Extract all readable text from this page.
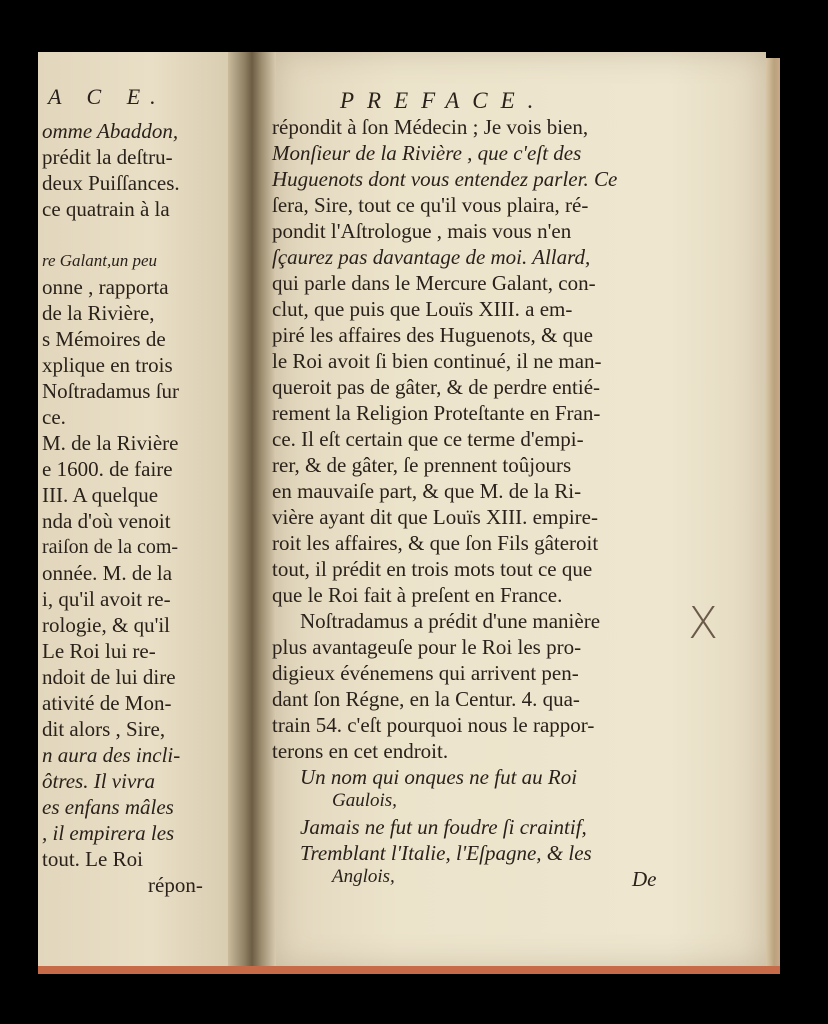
A C E.
omme Abaddon,
prédit la deſtru-
deux Puiſſances.
ce quatrain à la
re Galant,un peu
onne , rapporta
de la Rivière,
s Mémoires de
xplique en trois
Noſtradamus ſur
ce.
M. de la Rivière
e 1600. de faire
III. A quelque
nda d'où venoit
raiſon de la com-
onnée. M. de la
i, qu'il avoit re-
rologie, & qu'il
Le Roi lui re-
ndoit de lui dire
ativité de Mon-
dit alors , Sire,
n aura des incli-
ôtres. Il vivra
es enfans mâles
, il empirera les
tout. Le Roi
répon-
PREFACE.
répondit à ſon Médecin ; Je vois bien,
Monſieur de la Rivière , que c'eſt des
Huguenots dont vous entendez parler. Ce
ſera, Sire, tout ce qu'il vous plaira, ré-
pondit l'Aſtrologue , mais vous n'en
ſçaurez pas davantage de moi. Allard,
qui parle dans le Mercure Galant, con-
clut, que puis que Louïs XIII. a em-
piré les affaires des Huguenots, & que
le Roi avoit ſi bien continué, il ne man-
queroit pas de gâter, & de perdre entié-
rement la Religion Proteſtante en Fran-
ce. Il eſt certain que ce terme d'empi-
rer, & de gâter, ſe prennent toûjours
en mauvaiſe part, & que M. de la Ri-
vière ayant dit que Louïs XIII. empire-
roit les affaires, & que ſon Fils gâteroit
tout, il prédit en trois mots tout ce que
que le Roi fait à preſent en France.
Noſtradamus a prédit d'une manière
plus avantageuſe pour le Roi les pro-
digieux événemens qui arrivent pen-
dant ſon Régne, en la Centur. 4. qua-
train 54. c'eſt pourquoi nous le rappor-
terons en cet endroit.
Un nom qui onques ne fut au Roi
Gaulois,
Jamais ne fut un foudre ſi craintif,
Tremblant l'Italie, l'Eſpagne, & les
Anglois,	De
X
